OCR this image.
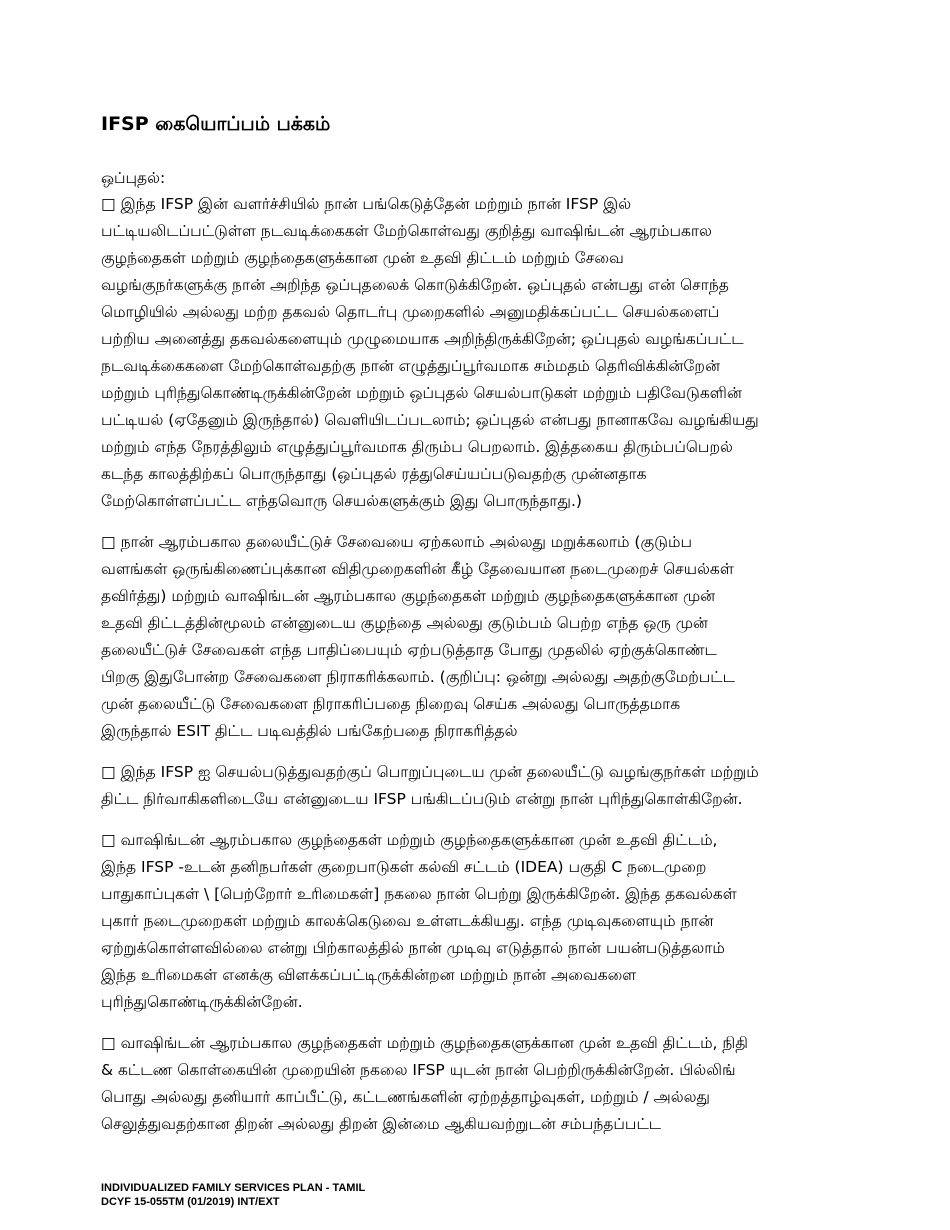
IFSP கையொப்பம் பக்கம்
ஒப்புதல்:
□ இந்த IFSP இன் வளர்ச்சியில் நான் பங்கெடுத்தேன் மற்றும் நான் IFSP இல்
பட்டியலிடப்பட்டுள்ள நடவடிக்கைகள் மேற்கொள்வது குறித்து வாஷிங்டன் ஆரம்பகால
குழந்தைகள் மற்றும் குழந்தைகளுக்கான முன் உதவி திட்டம் மற்றும் சேவை
வழங்குநர்களுக்கு நான் அறிந்த ஒப்புதலைக் கொடுக்கிறேன். ஒப்புதல் என்பது என் சொந்த
மொழியில் அல்லது மற்ற தகவல் தொடர்பு முறைகளில் அனுமதிக்கப்பட்ட செயல்களைப்
பற்றிய அனைத்து தகவல்களையும் முழுமையாக அறிந்திருக்கிறேன்; ஒப்புதல் வழங்கப்பட்ட
நடவடிக்கைகளை மேற்கொள்வதற்கு நான் எழுத்துப்பூர்வமாக சம்மதம் தெரிவிக்கின்றேன்
மற்றும் புரிந்துகொண்டிருக்கின்றேன் மற்றும் ஒப்புதல் செயல்பாடுகள் மற்றும் பதிவேடுகளின்
பட்டியல் (ஏதேனும் இருந்தால்) வெளியிடப்படலாம்; ஒப்புதல் என்பது நானாகவே வழங்கியது
மற்றும் எந்த நேரத்திலும் எழுத்துப்பூர்வமாக திரும்ப பெறலாம். இத்தகைய திரும்பப்பெறல்
கடந்த காலத்திற்கப் பொருந்தாது (ஒப்புதல் ரத்துசெய்யப்படுவதற்கு முன்னதாக
மேற்கொள்ளப்பட்ட எந்தவொரு செயல்களுக்கும் இது பொருந்தாது.)
□ நான் ஆரம்பகால தலையீட்டுச் சேவையை ஏற்கலாம் அல்லது மறுக்கலாம் (குடும்ப
வளங்கள் ஒருங்கிணைப்புக்கான விதிமுறைகளின் கீழ் தேவையான நடைமுறைச் செயல்கள்
தவிர்த்து) மற்றும் வாஷிங்டன் ஆரம்பகால குழந்தைகள் மற்றும் குழந்தைகளுக்கான முன்
உதவி திட்டத்தின்மூலம் என்னுடைய குழந்தை அல்லது குடும்பம் பெற்ற எந்த ஒரு முன்
தலையீட்டுச் சேவைகள் எந்த பாதிப்பையும் ஏற்படுத்தாத போது முதலில் ஏற்குக்கொண்ட
பிறகு இதுபோன்ற சேவைகளை நிராகரிக்கலாம். (குறிப்பு: ஒன்று அல்லது அதற்குமேற்பட்ட
முன் தலையீட்டு சேவைகளை நிராகரிப்பதை நிறைவு செய்க அல்லது பொருத்தமாக
இருந்தால் ESIT திட்ட படிவத்தில் பங்கேற்பதை நிராகரித்தல்
□ இந்த IFSP ஐ செயல்படுத்துவதற்குப் பொறுப்புடைய முன் தலையீட்டு வழங்குநர்கள் மற்றும்
திட்ட நிர்வாகிகளிடையே என்னுடைய IFSP பங்கிடப்படும் என்று நான் புரிந்துகொள்கிறேன்.
□ வாஷிங்டன் ஆரம்பகால குழந்தைகள் மற்றும் குழந்தைகளுக்கான முன் உதவி திட்டம்,
இந்த IFSP -உடன் தனிநபர்கள் குறைபாடுகள் கல்வி சட்டம் (IDEA) பகுதி C நடைமுறை
பாதுகாப்புகள் \ [பெற்றோர் உரிமைகள்] நகலை நான் பெற்று இருக்கிறேன். இந்த தகவல்கள்
புகார் நடைமுறைகள் மற்றும் காலக்கெடுவை உள்ளடக்கியது. எந்த முடிவுகளையும் நான்
ஏற்றுக்கொள்ளவில்லை என்று பிற்காலத்தில் நான் முடிவு எடுத்தால் நான் பயன்படுத்தலாம்
இந்த உரிமைகள் எனக்கு விளக்கப்பட்டிருக்கின்றன மற்றும் நான் அவைகளை
புரிந்துகொண்டிருக்கின்றேன்.
□ வாஷிங்டன் ஆரம்பகால குழந்தைகள் மற்றும் குழந்தைகளுக்கான முன் உதவி திட்டம், நிதி
& கட்டண கொள்கையின் முறையின் நகலை IFSP யுடன் நான் பெற்றிருக்கின்றேன். பில்லிங்
பொது அல்லது தனியார் காப்பீட்டு, கட்டணங்களின் ஏற்றத்தாழ்வுகள், மற்றும் / அல்லது
செலுத்துவதற்கான திறன் அல்லது திறன் இன்மை ஆகியவற்றுடன் சம்பந்தப்பட்ட
INDIVIDUALIZED FAMILY SERVICES PLAN - TAMIL
DCYF 15-055TM (01/2019) INT/EXT
